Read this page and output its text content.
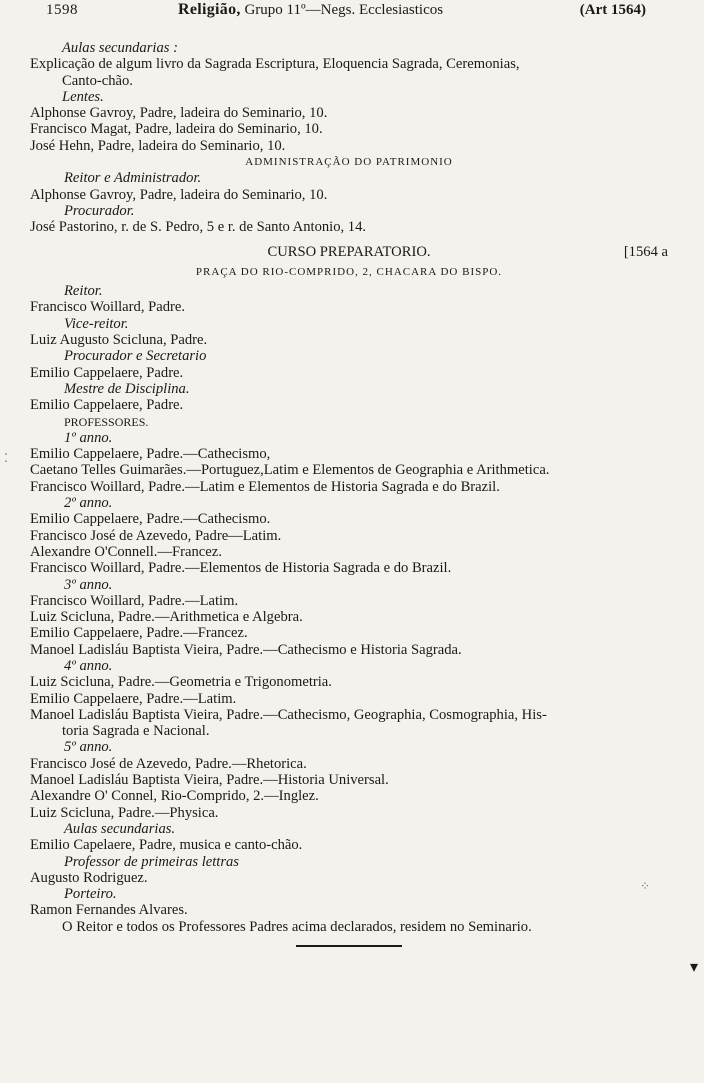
1598	Religião, Grupo 11º—Negs. Ecclesiasticos	(Art 1564)
Aulas secundarias :
Explicação de algum livro da Sagrada Escriptura, Eloquencia Sagrada, Ceremonias,
Canto-chão.
Lentes.
Alphonse Gavroy, Padre, ladeira do Seminario, 10.
Francisco Magat, Padre, ladeira do Seminario, 10.
José Hehn, Padre, ladeira do Seminario, 10.
ADMINISTRAÇÃO DO PATRIMONIO
Reitor e Administrador.
Alphonse Gavroy, Padre, ladeira do Seminario, 10.
Procurador.
José Pastorino, r. de S. Pedro, 5 e r. de Santo Antonio, 14.
CURSO PREPARATORIO.	[1564 a
PRAÇA DO RIO-COMPRIDO, 2, CHACARA DO BISPO.
Reitor.
Francisco Woillard, Padre.
Vice-reitor.
Luiz Augusto Scicluna, Padre.
Procurador e Secretario
Emilio Cappelaere, Padre.
Mestre de Disciplina.
Emilio Cappelaere, Padre.
PROFESSORES.
1º anno.
Emilio Cappelaere, Padre.—Cathecismo,
Caetano Telles Guimarães.—Portuguez,Latim e Elementos de Geographia e Arithmetica.
Francisco Woillard, Padre.—Latim e Elementos de Historia Sagrada e do Brazil.
2º anno.
Emilio Cappelaere, Padre.—Cathecismo.
Francisco José de Azevedo, Padre—Latim.
Alexandre O'Connell.—Francez.
Francisco Woillard, Padre.—Elementos de Historia Sagrada e do Brazil.
3º anno.
Francisco Woillard, Padre.—Latim.
Luiz Scicluna, Padre.—Arithmetica e Algebra.
Emilio Cappelaere, Padre.—Francez.
Manoel Ladisláu Baptista Vieira, Padre.—Cathecismo e Historia Sagrada.
4º anno.
Luiz Scicluna, Padre.—Geometria e Trigonometria.
Emilio Cappelaere, Padre.—Latim.
Manoel Ladisláu Baptista Vieira, Padre.—Cathecismo, Geographia, Cosmographia, His-
toria Sagrada e Nacional.
5º anno.
Francisco José de Azevedo, Padre.—Rhetorica.
Manoel Ladisláu Baptista Vieira, Padre.—Historia Universal.
Alexandre O' Connel, Rio-Comprido, 2.—Inglez.
Luiz Scicluna, Padre.—Physica.
Aulas secundarias.
Emilio Capelaere, Padre, musica e canto-chão.
Professor de primeiras lettras
Augusto Rodriguez.
Porteiro.
Ramon Fernandes Alvares.
O Reitor e todos os Professores Padres acima declarados, residem no Seminario.
⁚
⁘
▾
